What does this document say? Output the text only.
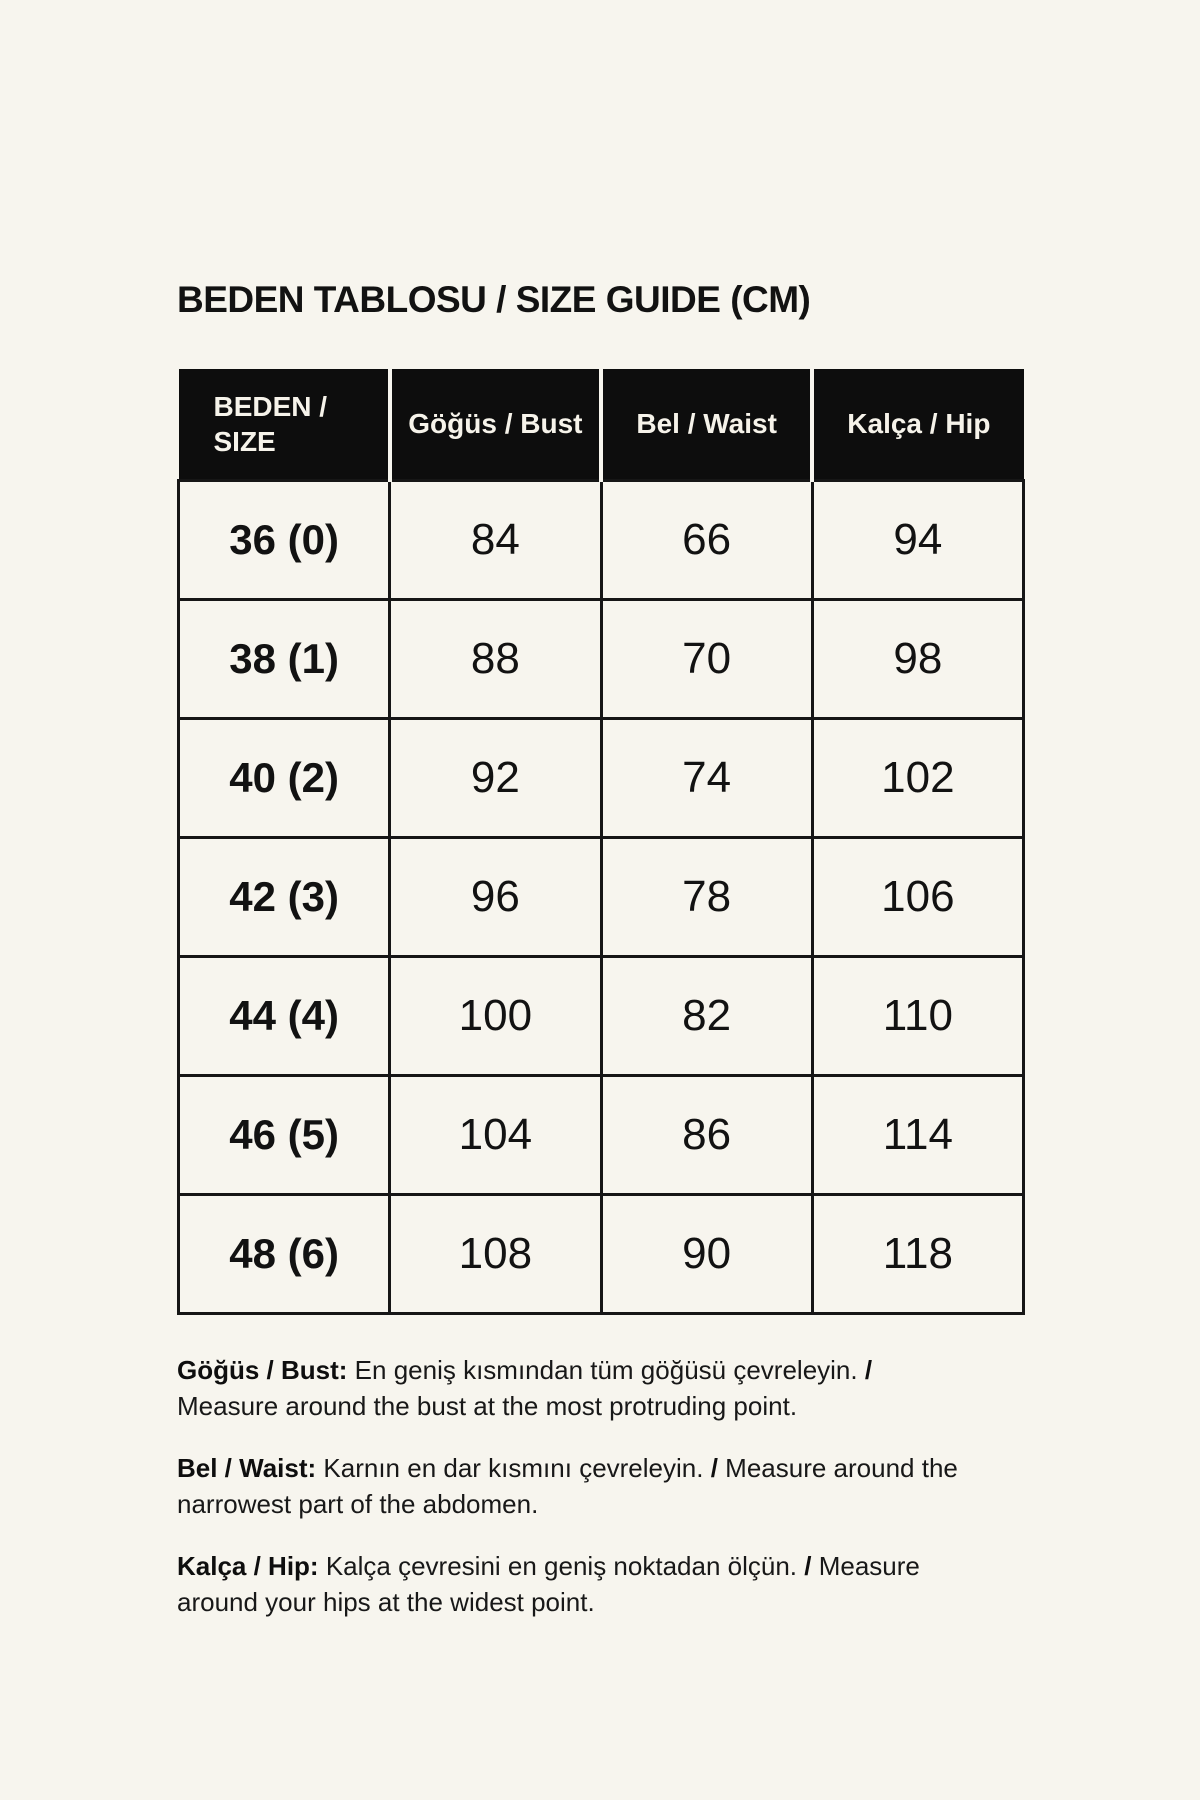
BEDEN TABLOSU / SIZE GUIDE (CM)
BEDEN /
SIZE	Göğüs / Bust	Bel / Waist	Kalça / Hip
36 (0)	84	66	94
38 (1)	88	70	98
40 (2)	92	74	102
42 (3)	96	78	106
44 (4)	100	82	110
46 (5)	104	86	114
48 (6)	108	90	118

Göğüs / Bust: En geniş kısmından tüm göğüsü çevreleyin. / Measure around the bust at the most protruding point.

Bel / Waist: Karnın en dar kısmını çevreleyin. / Measure around the narrowest part of the abdomen.

Kalça / Hip: Kalça çevresini en geniş noktadan ölçün. / Measure around your hips at the widest point.
